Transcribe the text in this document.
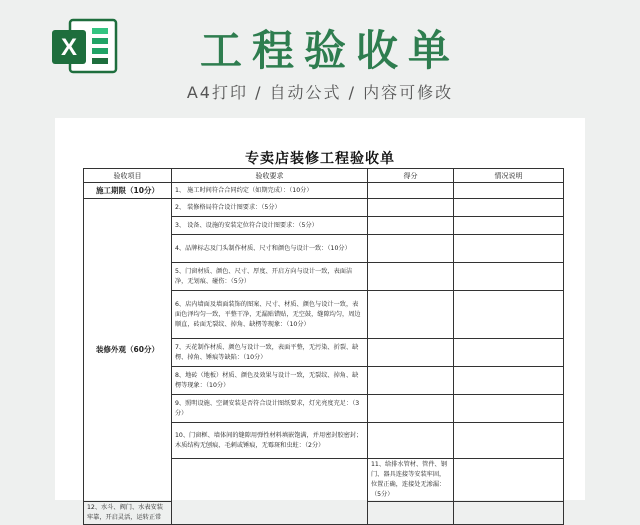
X	工程验收单
A4打印 / 自动公式 / 内容可修改
专卖店装修工程验收单
验收项目	验收要求	得分	情况说明	
施工期限（10分）	1、 施工时间符合合同约定（如期完成）：（10分）			
装修外观（60分）	2、 装修格局符合设计图要求：（5分）			
	3、 设备、设施的安装定位符合设计图要求：（5分）			
	4、品牌标志及门头制作材质、尺寸和颜色与设计一致：（10分）			
	5、门窗材质、颜色、尺寸、厚度、开启方向与设计一致，表面洁净，无划痕、碰伤：（5分）			
	6、店内墙面及墙面装饰的图案、尺寸、材质、颜色与设计一致，表面色泽均匀一致，平整干净，无漏贴错贴，无空鼓，缝隙均匀，周边顺直，砖面无裂纹、掉角、缺楞等现象：（10分）			
	7、天花制作材质、颜色与设计一致，表面平整，无污染、折裂、缺楞、掉角、锤痕等缺陷：（10分）			
	8、地砖（地板）材质、颜色及效果与设计一致，无裂纹、掉角、缺楞等现象：（10分）			
	9、照明设施、空调安装是否符合设计图纸要求，灯光亮度充足：（3分）			
	10、门窗框、墙体间的缝隙用弹性材料填嵌饱满，并用密封胶密封；木质结构无刨痕、毛刺或锤痕，无霉斑和虫蛀：（2分）			
		11、给排水管材、管件、钢门、器具连接等安装牢固，位置正确，连接处无渗漏：（5分）		
12、水斗、阀门、水表安装牢靠，开启灵活，运转正常				
